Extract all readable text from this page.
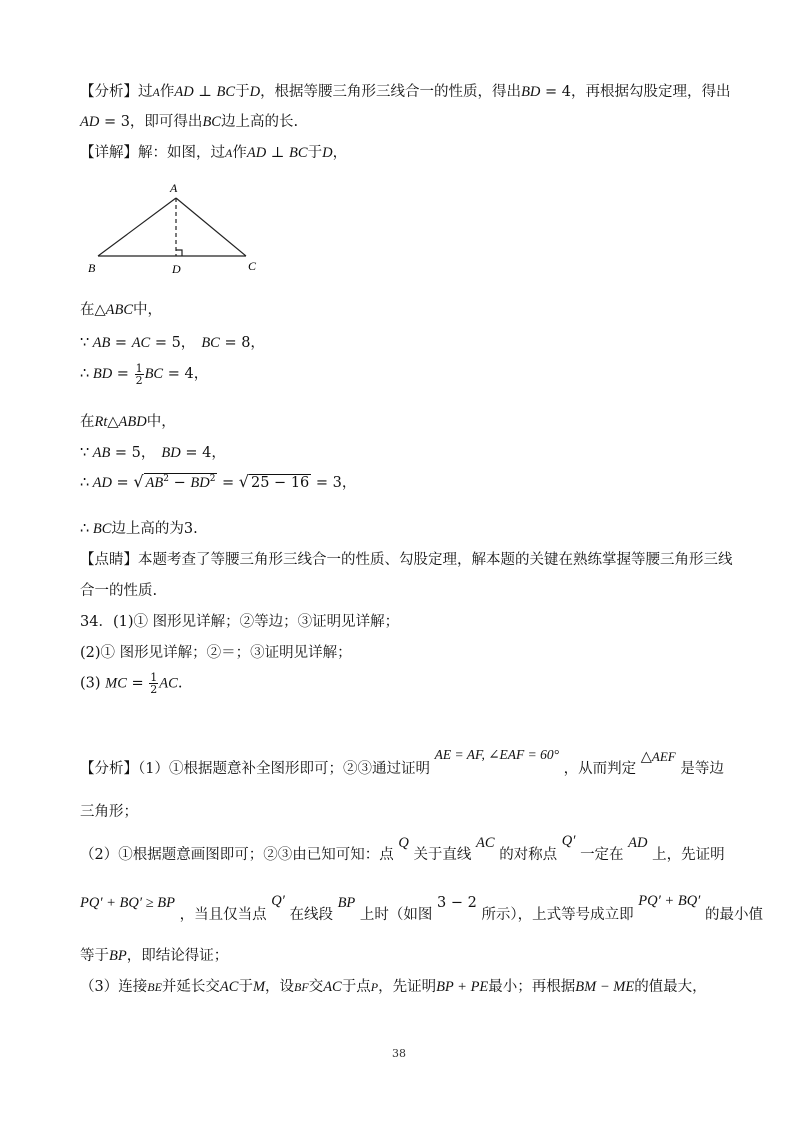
【分析】过A作AD ⊥ BC于D，根据等腰三角形三线合一的性质，得出BD = 4，再根据勾股定理，得出
AD = 3，即可得出BC边上高的长.
【详解】解：如图，过A作AD ⊥ BC于D，
A
B	D	C
在△ABC中，
∵ AB = AC = 5， BC = 8，
∴ BD = $\frac{1}{2}$ BC = 4，
在Rt△ABD中，
∵ AB = 5， BD = 4，
∴ AD = √ $AB^2 - BD^2$ = √ 25 − 16 = 3，
∴ BC边上高的为3.
【点睛】本题考查了等腰三角形三线合一的性质、勾股定理，解本题的关键在熟练掌握等腰三角形三线
合一的性质.
34．(1)① 图形见详解；②等边；③证明见详解；
(2)① 图形见详解；②＝；③证明见详解；
(3) MC = $\frac{1}{2}$ AC.
【分析】（1）①根据题意补全图形即可；②③通过证明 AE = AF, ∠EAF = 60° ，从而判定 △AEF 是等边
三角形；
（2）①根据题意画图即可；②③由已知可知：点 Q 关于直线 AC 的对称点 Q′ 一定在 AD 上，先证明
PQ′ + BQ′ ≥ BP ，当且仅当点 Q′ 在线段 BP 上时（如图 3 − 2 所示），上式等号成立即 PQ′ + BQ′ 的最小值
等于BP，即结论得证；
（3）连接BE并延长交AC于M，设BF交AC于点P，先证明BP + PE最小；再根据BM − ME的值最大，
38
